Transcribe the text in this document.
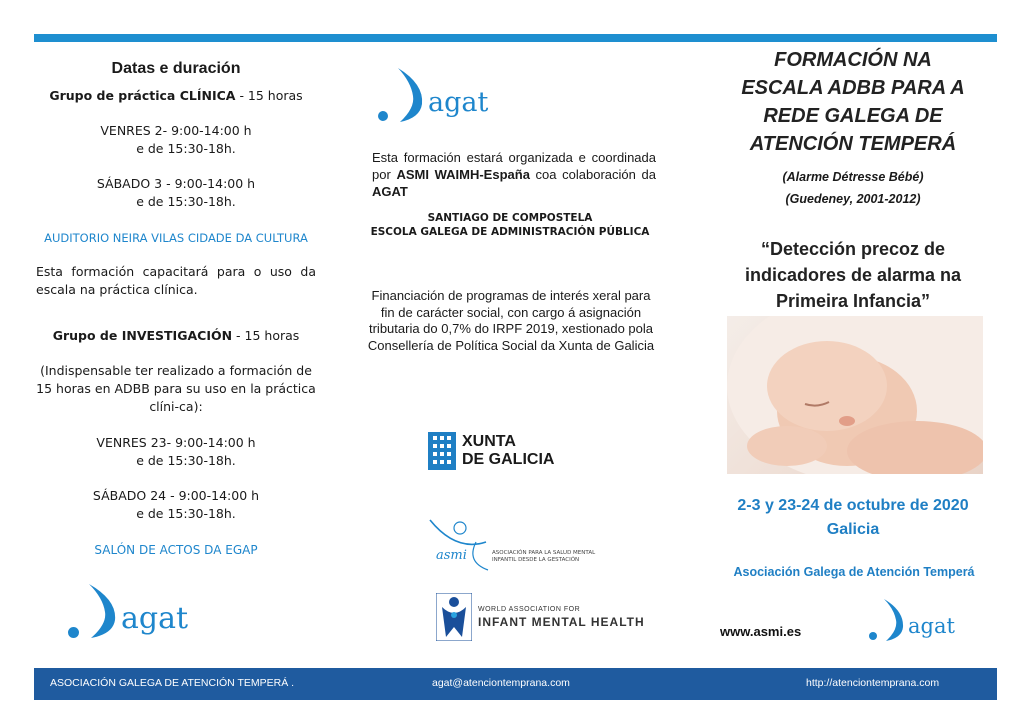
Datas e duración
Grupo de práctica CLÍNICA - 15 horas
VENRES 2- 9:00-14:00 h
e de 15:30-18h.
SÁBADO 3 - 9:00-14:00 h
e de 15:30-18h.
AUDITORIO NEIRA VILAS CIDADE DA CULTURA
Esta formación capacitará para o uso da escala na práctica clínica.
Grupo de INVESTIGACIÓN - 15 horas
(Indispensable ter realizado a formación de 15 horas en ADBB para su uso en la práctica clíni-ca):
VENRES 23- 9:00-14:00 h
e de 15:30-18h.
SÁBADO 24 - 9:00-14:00 h
e de 15:30-18h.
SALÓN DE ACTOS DA EGAP
agat
agat
Esta formación estará organizada e coordinada por ASMI WAIMH-España coa colaboración da AGAT
SANTIAGO DE COMPOSTELA
ESCOLA GALEGA DE ADMINISTRACIÓN PÚBLICA
Financiación de programas de interés xeral para fin de carácter social, con cargo á asignación tributaria do 0,7% do IRPF 2019, xestionado pola Consellería de Política Social da Xunta de Galicia
XUNTA
DE GALICIA
asmi	ASOCIACIÓN PARA LA SALUD MENTAL
INFANTIL DESDE LA GESTACIÓN
WORLD ASSOCIATION FOR
INFANT MENTAL HEALTH
FORMACIÓN NA
ESCALA ADBB PARA A
REDE GALEGA DE
ATENCIÓN TEMPERÁ
(Alarme Détresse Bébé)
(Guedeney, 2001-2012)
“Detección precoz de indicadores de alarma na Primeira Infancia”
2-3 y 23-24 de octubre de 2020
Galicia
Asociación Galega de Atención Temperá
www.asmi.es	agat
ASOCIACIÓN GALEGA DE ATENCIÓN TEMPERÁ .	agat@atenciontemprana.com	http://atenciontemprana.com
